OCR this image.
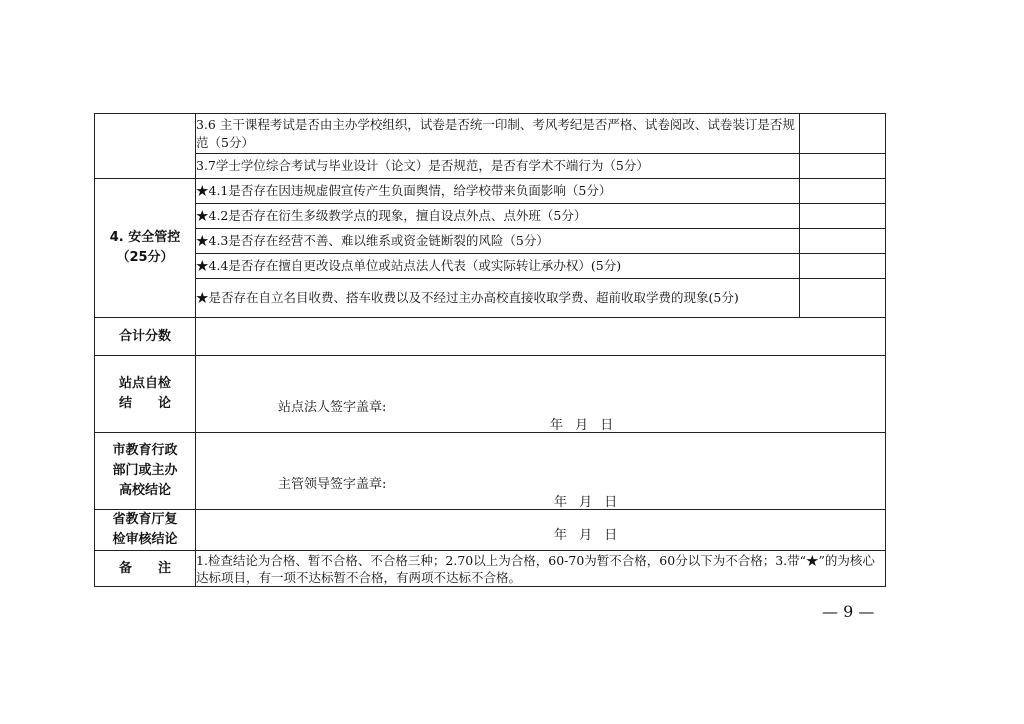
	3.6 主干课程考试是否由主办学校组织，试卷是否统一印制、考风考纪是否严格、试卷阅改、试卷装订是否规范（5分）	
	3.7学士学位综合考试与毕业设计（论文）是否规范，是否有学术不端行为（5分）	

4. 安全管控
（25分）	★4.1是否存在因违规虚假宣传产生负面舆情，给学校带来负面影响（5分）	
	★4.2是否存在衍生多级教学点的现象，擅自设点外点、点外班（5分）	
	★4.3是否存在经营不善、难以维系或资金链断裂的风险（5分）	
	★4.4是否存在擅自更改设点单位或站点法人代表（或实际转让承办权）(5分)	
	★是否存在自立名目收费、搭车收费以及不经过主办高校直接收取学费、超前收取学费的现象(5分)	
合计分数		

站点自检
结　　论	站点法人签字盖章:
年 月 日	

市教育行政
部门或主办
高校结论	主管领导签字盖章:
年 月 日	

省教育厅复
检审核结论	年 月 日	

备　　注	1.检查结论为合格、暂不合格、不合格三种；2.70以上为合格，60-70为暂不合格，60分以下为不合格；3.带“★”的为核心达标项目，有一项不达标暂不合格，有两项不达标不合格。	
— 9 —
